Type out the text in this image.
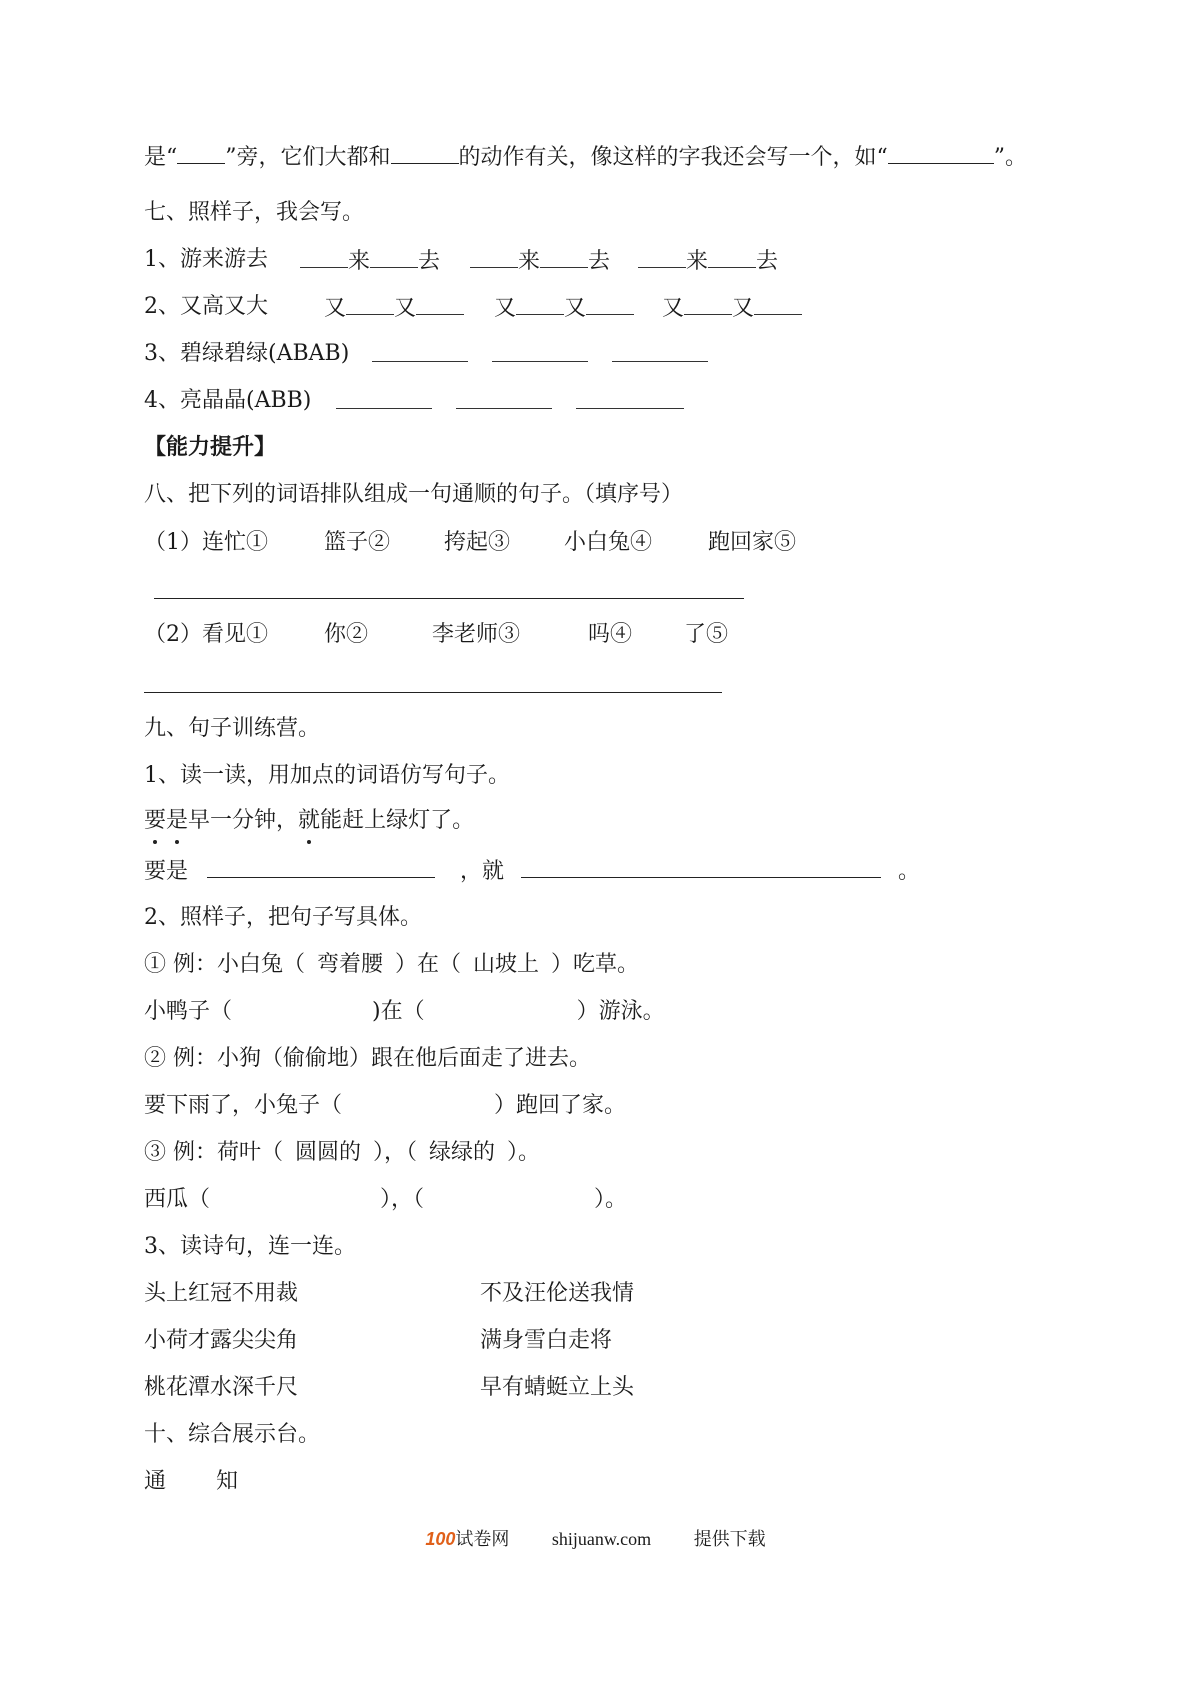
是“ ”旁，它们大都和	的动作有关，像这样的字我还会写一个，如“	”。
七、照样子，我会写。
1、游来游去	来 去	来 去	来 去
2、又高又大	又 又	又 又	又 又
3、碧绿碧绿(ABAB)
4、亮晶晶(ABB)
【能力提升】
八、把下列的词语排队组成一句通顺的句子。（填序号）
（1）连忙①	篮子② 挎起③ 小白兔④	跑回家⑤
（2）看见①	你②	李老师③	吗④ 了⑤
九、句子训练营。
1、读一读，用加点的词语仿写句子。
要是早一分钟，就能赶上绿灯了。
要是	，就	。
2、照样子，把句子写具体。
① 例：小白兔（ 弯着腰 ）在（ 山坡上 ）吃草。
小鸭子（	)在（	）游泳。
② 例：小狗（偷偷地）跟在他后面走了进去。
要下雨了，小兔子（	）跑回了家。
③ 例：荷叶（ 圆圆的 ），（ 绿绿的 ）。
西瓜（	），（	）。
3、读诗句，连一连。
头上红冠不用裁	不及汪伦送我情
小荷才露尖尖角	满身雪白走将
桃花潭水深千尺	早有蜻蜓立上头
十、综合展示台。
通 知
100试卷网 shijuanw.com 提供下载
